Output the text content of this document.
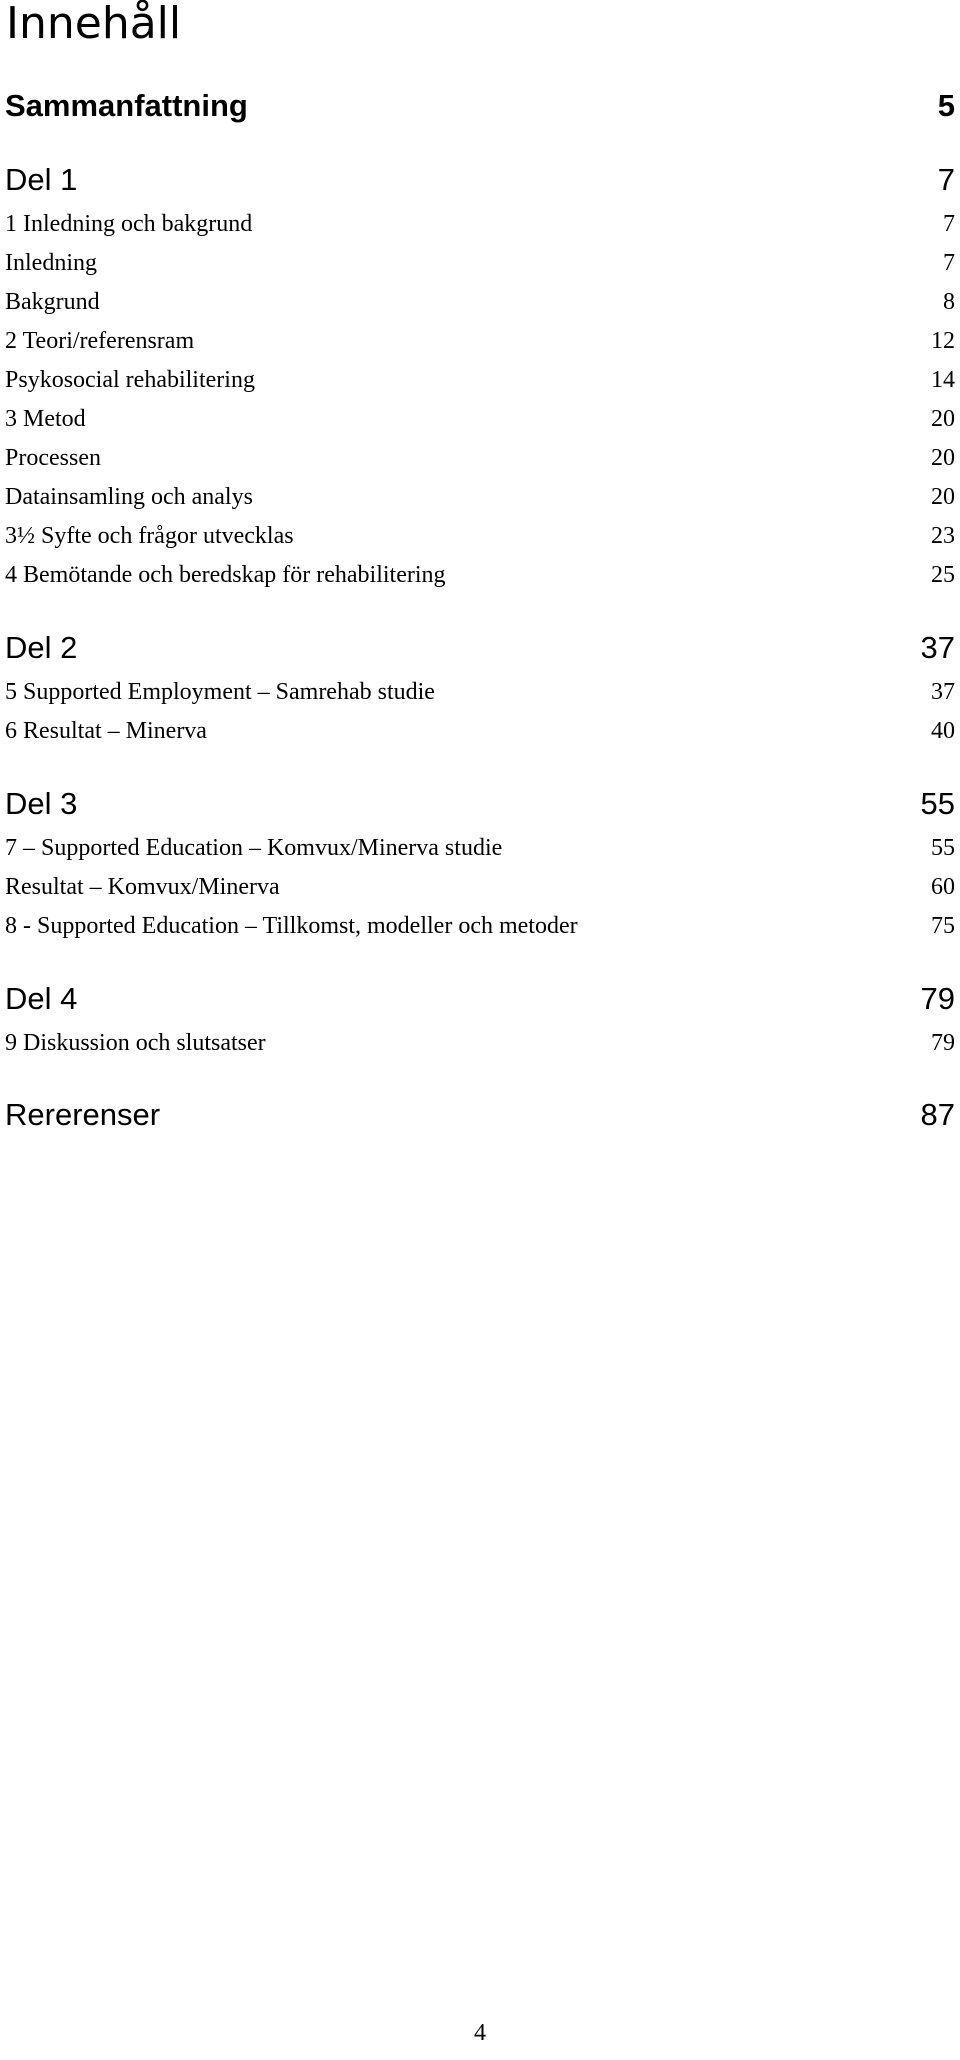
Innehåll
Sammanfattning	5
Del 1	7
1 Inledning och bakgrund	7
Inledning	7
Bakgrund	8
2 Teori/referensram	12
Psykosocial rehabilitering	14
3 Metod	20
Processen	20
Datainsamling och analys	20
3½ Syfte och frågor utvecklas	23
4 Bemötande och beredskap för rehabilitering	25
Del 2	37
5 Supported Employment – Samrehab studie	37
6 Resultat – Minerva	40
Del 3	55
7 – Supported Education – Komvux/Minerva studie	55
Resultat – Komvux/Minerva	60
8 - Supported Education – Tillkomst, modeller och metoder	75
Del 4	79
9 Diskussion och slutsatser	79
Rererenser	87
4
